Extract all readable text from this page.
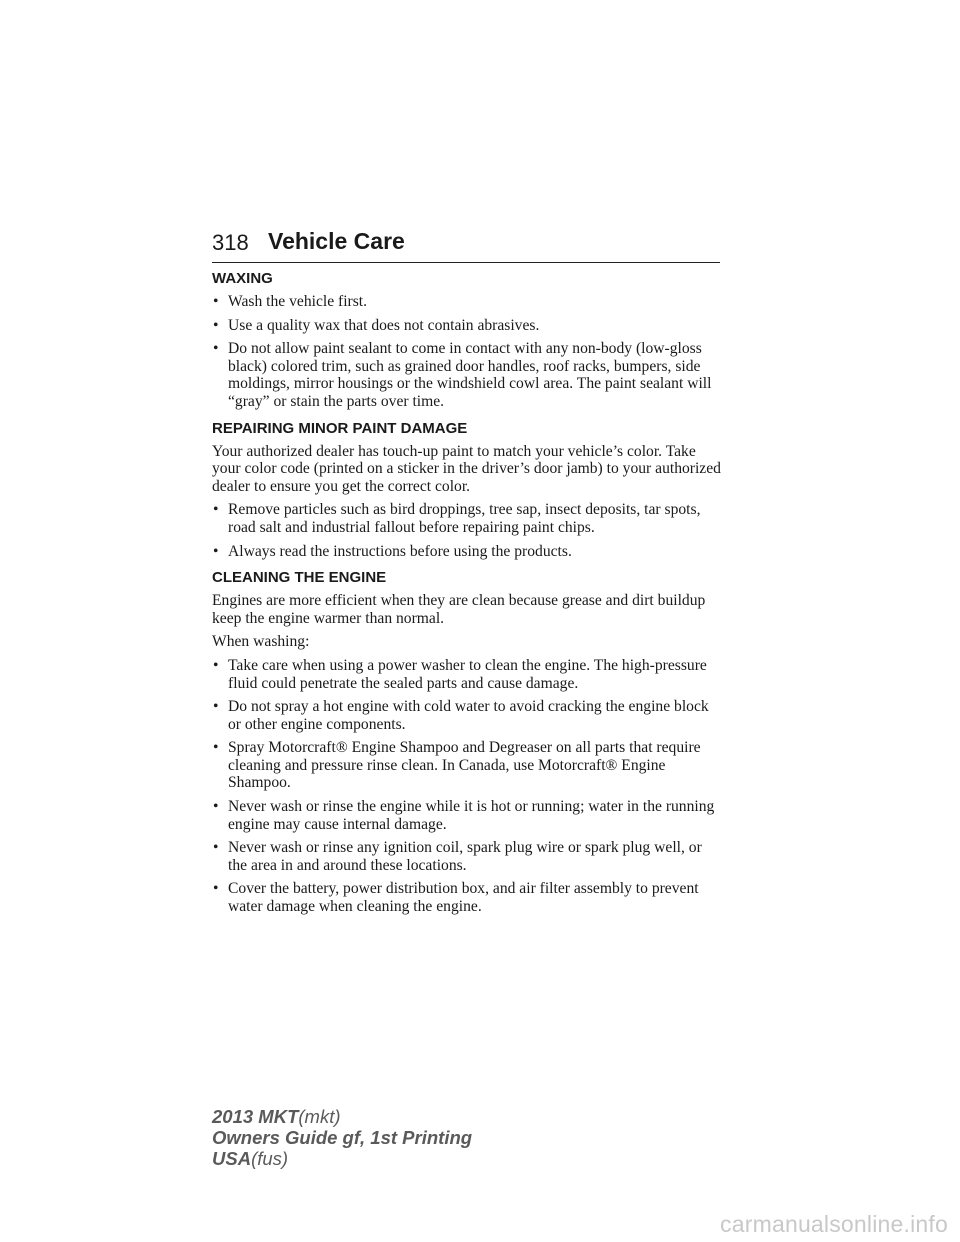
318 Vehicle Care
WAXING
• Wash the vehicle first.
• Use a quality wax that does not contain abrasives.
• Do not allow paint sealant to come in contact with any non-body (low-gloss black) colored trim, such as grained door handles, roof racks, bumpers, side moldings, mirror housings or the windshield cowl area. The paint sealant will “gray” or stain the parts over time.
REPAIRING MINOR PAINT DAMAGE

Your authorized dealer has touch-up paint to match your vehicle’s color. Take your color code (printed on a sticker in the driver’s door jamb) to your authorized dealer to ensure you get the correct color.

• Remove particles such as bird droppings, tree sap, insect deposits, tar spots, road salt and industrial fallout before repairing paint chips.
• Always read the instructions before using the products.
CLEANING THE ENGINE

Engines are more efficient when they are clean because grease and dirt buildup keep the engine warmer than normal.

When washing:

• Take care when using a power washer to clean the engine. The high-pressure fluid could penetrate the sealed parts and cause damage.
• Do not spray a hot engine with cold water to avoid cracking the engine block or other engine components.
• Spray Motorcraft® Engine Shampoo and Degreaser on all parts that require cleaning and pressure rinse clean. In Canada, use Motorcraft® Engine Shampoo.
• Never wash or rinse the engine while it is hot or running; water in the running engine may cause internal damage.
• Never wash or rinse any ignition coil, spark plug wire or spark plug well, or the area in and around these locations.
• Cover the battery, power distribution box, and air filter assembly to prevent water damage when cleaning the engine.
2013 MKT(mkt)
Owners Guide gf, 1st Printing
USA(fus)
carmanualsonline.info
